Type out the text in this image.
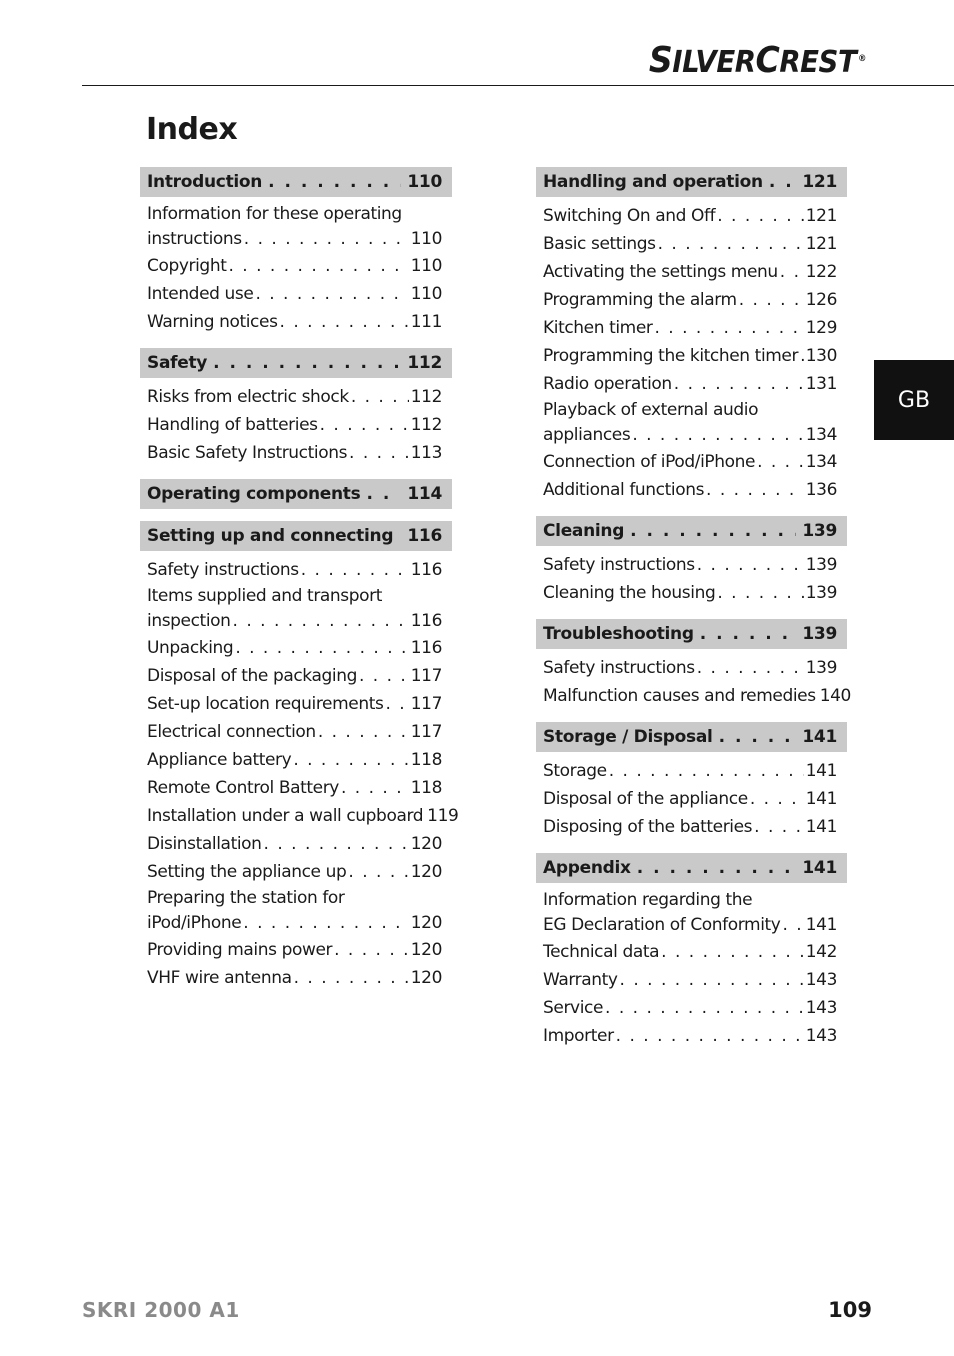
SILVERCREST ®
Index
Introduction . . .	110
Information for these operating
instructions . . .	110
Copyright . . .	110
Intended use . . .	110
Warning notices . . .	111
Safety . . .	112
Risks from electric shock . . .	112
Handling of batteries . . .	112
Basic Safety Instructions . . .	113
Operating components . . .	114
Setting up and connecting . . . 116
Safety instructions . . .	116
Items supplied and transport
inspection . . .	116
Unpacking . . .	116
Disposal of the packaging . . .	117
Set-up location requirements . . . 117
Electrical connection . . .	117
Appliance battery . . .	118
Remote Control Battery . . .	118
Installation under a wall cupboard 119
Disinstallation . . .	120
Setting the appliance up . . .	120
Preparing the station for
iPod/iPhone . . .	120
Providing mains power . . .	120
VHF wire antenna . . .	120
Handling and operation . . . 121
Switching On and Off . . .	121
Basic settings . . .	121
Activating the settings menu . . . 122
Programming the alarm . . .	126
Kitchen timer . . .	129
Programming the kitchen timer . . . 130
Radio operation . . .	131
Playback of external audio
appliances . . .	134
Connection of iPod/iPhone . . .	134
Additional functions . . .	136
Cleaning . . .	139
Safety instructions . . .	139
Cleaning the housing . . .	139
Troubleshooting . . .	139
Safety instructions . . .	139
Malfunction causes and remedies 140
Storage / Disposal . . .	141
Storage . . .	141
Disposal of the appliance . . .	141
Disposing of the batteries . . .	141
Appendix . . .	141
Information regarding the
EG Declaration of Conformity . . . 141
Technical data . . .	142
Warranty . . .	143
Service . . .	143
Importer . . .	143
GB
SKRI 2000 A1	109
